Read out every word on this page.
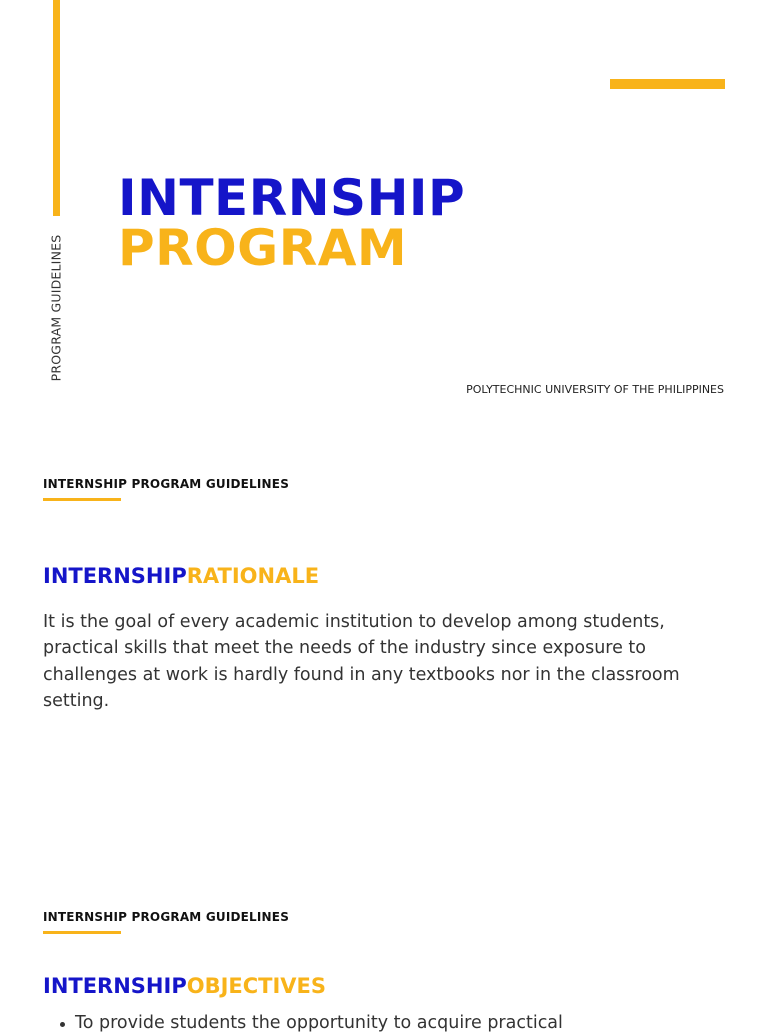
PROGRAM GUIDELINES
INTERNSHIP
PROGRAM
POLYTECHNIC UNIVERSITY OF THE PHILIPPINES
INTERNSHIP PROGRAM GUIDELINES
INTERNSHIPRATIONALE
It is the goal of every academic institution to develop among students, practical skills that meet the needs of the industry since exposure to challenges at work is hardly found in any textbooks nor in the classroom setting.
INTERNSHIP PROGRAM GUIDELINES
INTERNSHIPOBJECTIVES
To provide students the opportunity to acquire practical
